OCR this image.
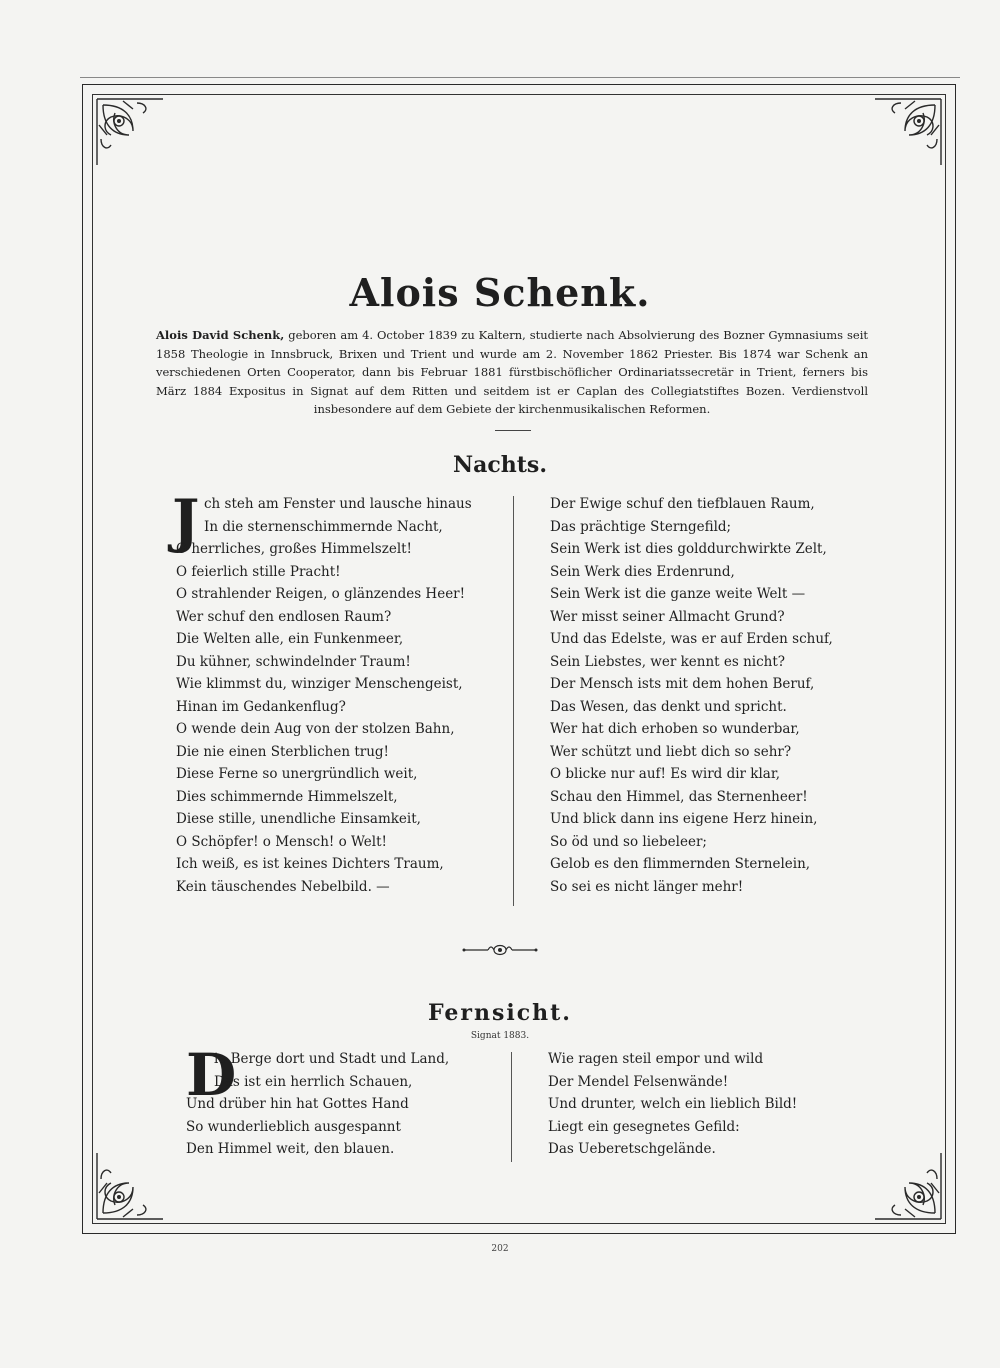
Alois Schenk.
Alois David Schenk, geboren am 4. October 1839 zu Kaltern, studierte nach Absolvierung des Bozner Gymnasiums seit 1858 Theologie in Innsbruck, Brixen und Trient und wurde am 2. November 1862 Priester. Bis 1874 war Schenk an verschiedenen Orten Cooperator, dann bis Februar 1881 fürstbischöflicher Ordinariatssecretär in Trient, ferners bis März 1884 Expositus in Signat auf dem Ritten und seitdem ist er Caplan des Collegiatstiftes Bozen. Verdienstvoll insbesondere auf dem Gebiete der kirchenmusikalischen Reformen.
Nachts.
J ch steh am Fenster und lausche hinaus
In die sternenschimmernde Nacht,
O herrliches, großes Himmelszelt!
O feierlich stille Pracht!
O strahlender Reigen, o glänzendes Heer!
Wer schuf den endlosen Raum?
Die Welten alle, ein Funkenmeer,
Du kühner, schwindelnder Traum!
Wie klimmst du, winziger Menschengeist,
Hinan im Gedankenflug?
O wende dein Aug von der stolzen Bahn,
Die nie einen Sterblichen trug!
Diese Ferne so unergründlich weit,
Dies schimmernde Himmelszelt,
Diese stille, unendliche Einsamkeit,
O Schöpfer! o Mensch! o Welt!
Ich weiß, es ist keines Dichters Traum,
Kein täuschendes Nebelbild. —
Der Ewige schuf den tiefblauen Raum,
Das prächtige Sterngefild;
Sein Werk ist dies golddurchwirkte Zelt,
Sein Werk dies Erdenrund,
Sein Werk ist die ganze weite Welt —
Wer misst seiner Allmacht Grund?
Und das Edelste, was er auf Erden schuf,
Sein Liebstes, wer kennt es nicht?
Der Mensch ists mit dem hohen Beruf,
Das Wesen, das denkt und spricht.
Wer hat dich erhoben so wunderbar,
Wer schützt und liebt dich so sehr?
O blicke nur auf! Es wird dir klar,
Schau den Himmel, das Sternenheer!
Und blick dann ins eigene Herz hinein,
So öd und so liebeleer;
Gelob es den flimmernden Sternelein,
So sei es nicht länger mehr!
Fernsicht.
Signat 1883.
D
ie Berge dort und Stadt und Land,
Das ist ein herrlich Schauen,
Und drüber hin hat Gottes Hand
So wunderlieblich ausgespannt
Den Himmel weit, den blauen.
Wie ragen steil empor und wild
Der Mendel Felsenwände!
Und drunter, welch ein lieblich Bild!
Liegt ein gesegnetes Gefild:
Das Ueberetschgelände.
202
